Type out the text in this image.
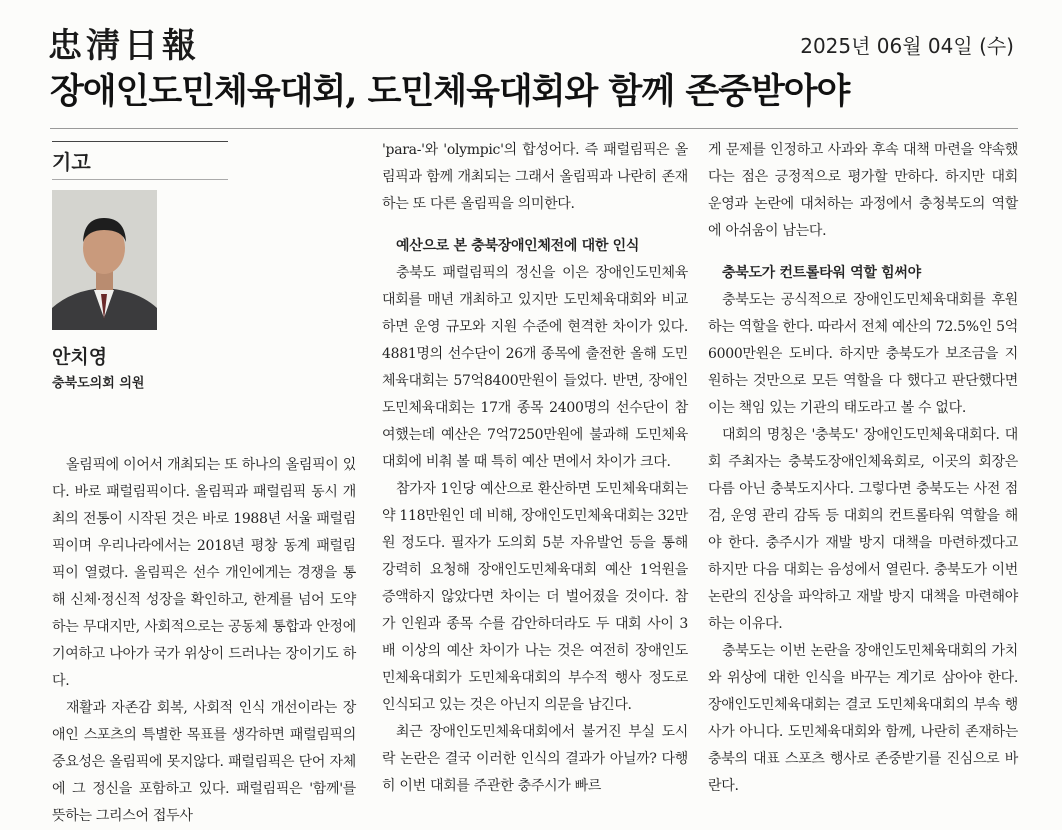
忠淸日報	2025년 06월 04일 (수)
장애인도민체육대회, 도민체육대회와 함께 존중받아야
기고
안치영
충북도의회 의원

올림픽에 이어서 개최되는 또 하나의 올림픽이 있다. 바로 패럴림픽이다. 올림픽과 패럴림픽 동시 개최의 전통이 시작된 것은 바로 1988년 서울 패럴림픽이며 우리나라에서는 2018년 평창 동계 패럴림픽이 열렸다. 올림픽은 선수 개인에게는 경쟁을 통해 신체·정신적 성장을 확인하고, 한계를 넘어 도약하는 무대지만, 사회적으로는 공동체 통합과 안정에 기여하고 나아가 국가 위상이 드러나는 장이기도 하다.

재활과 자존감 회복, 사회적 인식 개선이라는 장애인 스포츠의 특별한 목표를 생각하면 패럴림픽의 중요성은 올림픽에 못지않다. 패럴림픽은 단어 자체에 그 정신을 포함하고 있다. 패럴림픽은 '함께'를 뜻하는 그리스어 접두사

'para-'와 'olympic'의 합성어다. 즉 패럴림픽은 올림픽과 함께 개최되는 그래서 올림픽과 나란히 존재하는 또 다른 올림픽을 의미한다.

예산으로 본 충북장애인체전에 대한 인식

충북도 패럴림픽의 정신을 이은 장애인도민체육대회를 매년 개최하고 있지만 도민체육대회와 비교하면 운영 규모와 지원 수준에 현격한 차이가 있다. 4881명의 선수단이 26개 종목에 출전한 올해 도민체육대회는 57억8400만원이 들었다. 반면, 장애인도민체육대회는 17개 종목 2400명의 선수단이 참여했는데 예산은 7억7250만원에 불과해 도민체육대회에 비춰 볼 때 특히 예산 면에서 차이가 크다.

참가자 1인당 예산으로 환산하면 도민체육대회는 약 118만원인 데 비해, 장애인도민체육대회는 32만원 정도다. 필자가 도의회 5분 자유발언 등을 통해 강력히 요청해 장애인도민체육대회 예산 1억원을 증액하지 않았다면 차이는 더 벌어졌을 것이다. 참가 인원과 종목 수를 감안하더라도 두 대회 사이 3배 이상의 예산 차이가 나는 것은 여전히 장애인도민체육대회가 도민체육대회의 부수적 행사 정도로 인식되고 있는 것은 아닌지 의문을 남긴다.

최근 장애인도민체육대회에서 불거진 부실 도시락 논란은 결국 이러한 인식의 결과가 아닐까? 다행히 이번 대회를 주관한 충주시가 빠르

게 문제를 인정하고 사과와 후속 대책 마련을 약속했다는 점은 긍정적으로 평가할 만하다. 하지만 대회 운영과 논란에 대처하는 과정에서 충청북도의 역할에 아쉬움이 남는다.

충북도가 컨트롤타워 역할 힘써야

충북도는 공식적으로 장애인도민체육대회를 후원하는 역할을 한다. 따라서 전체 예산의 72.5%인 5억6000만원은 도비다. 하지만 충북도가 보조금을 지원하는 것만으로 모든 역할을 다 했다고 판단했다면 이는 책임 있는 기관의 태도라고 볼 수 없다.

대회의 명칭은 '충북도' 장애인도민체육대회다. 대회 주최자는 충북도장애인체육회로, 이곳의 회장은 다름 아닌 충북도지사다. 그렇다면 충북도는 사전 점검, 운영 관리 감독 등 대회의 컨트롤타워 역할을 해야 한다. 충주시가 재발 방지 대책을 마련하겠다고 하지만 다음 대회는 음성에서 열린다. 충북도가 이번 논란의 진상을 파악하고 재발 방지 대책을 마련해야 하는 이유다.

충북도는 이번 논란을 장애인도민체육대회의 가치와 위상에 대한 인식을 바꾸는 계기로 삼아야 한다. 장애인도민체육대회는 결코 도민체육대회의 부속 행사가 아니다. 도민체육대회와 함께, 나란히 존재하는 충북의 대표 스포츠 행사로 존중받기를 진심으로 바란다.
